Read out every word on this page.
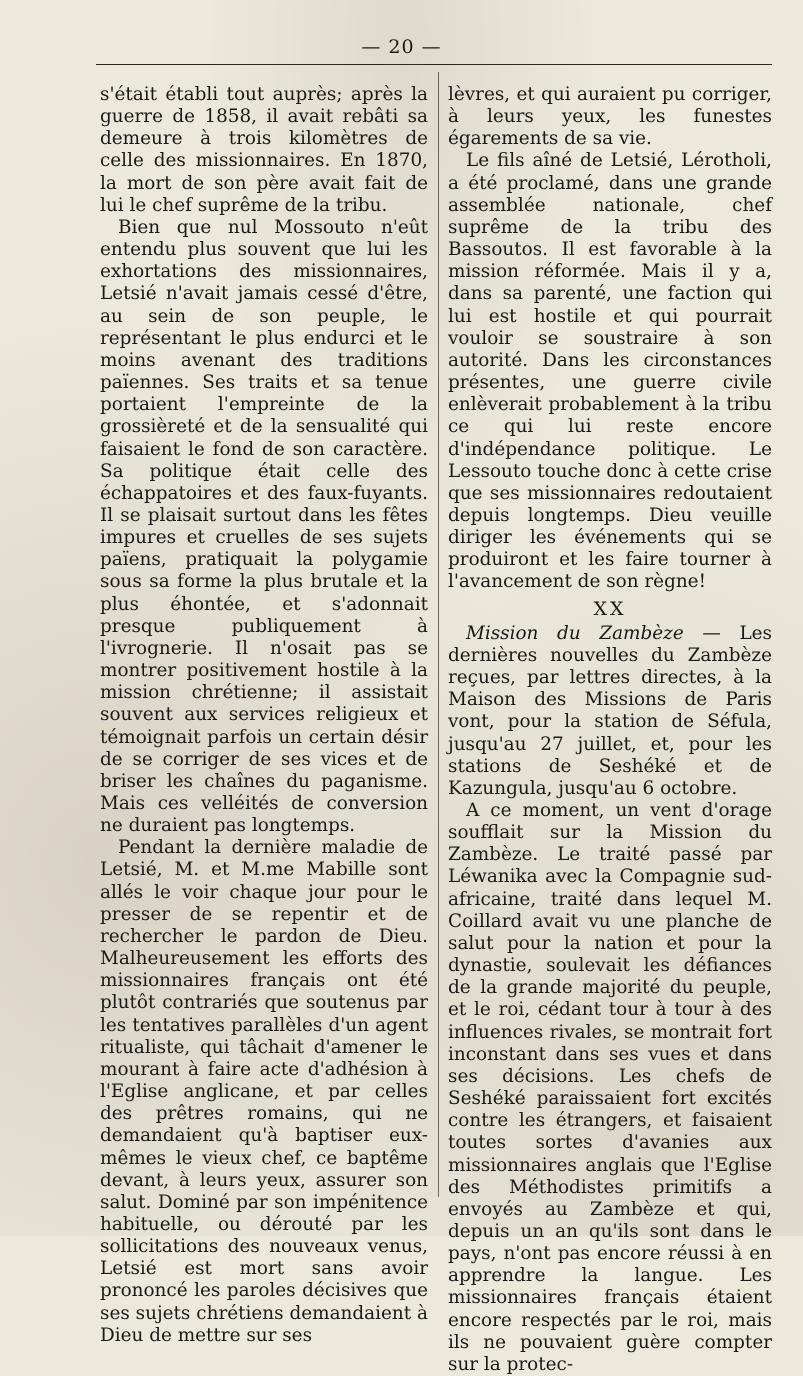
— 20 —

s'était établi tout auprès; après la guerre de 1858, il avait rebâti sa demeure à trois kilomètres de celle des missionnaires. En 1870, la mort de son père avait fait de lui le chef suprême de la tribu.

Bien que nul Mossouto n'eût entendu plus souvent que lui les exhortations des missionnaires, Letsié n'avait jamais cessé d'être, au sein de son peuple, le représentant le plus endurci et le moins avenant des traditions païennes. Ses traits et sa tenue portaient l'empreinte de la grossièreté et de la sensualité qui faisaient le fond de son caractère. Sa politique était celle des échappatoires et des faux-fuyants. Il se plaisait surtout dans les fêtes impures et cruelles de ses sujets païens, pratiquait la polygamie sous sa forme la plus brutale et la plus éhontée, et s'adonnait presque publiquement à l'ivrognerie. Il n'osait pas se montrer positivement hostile à la mission chrétienne; il assistait souvent aux services religieux et témoignait parfois un certain désir de se corriger de ses vices et de briser les chaînes du paganisme. Mais ces velléités de conversion ne duraient pas longtemps.

Pendant la dernière maladie de Letsié, M. et M.me Mabille sont allés le voir chaque jour pour le presser de se repentir et de rechercher le pardon de Dieu. Malheureusement les efforts des missionnaires français ont été plutôt contrariés que soutenus par les tentatives parallèles d'un agent ritualiste, qui tâchait d'amener le mourant à faire acte d'adhésion à l'Eglise anglicane, et par celles des prêtres romains, qui ne demandaient qu'à baptiser eux-mêmes le vieux chef, ce baptême devant, à leurs yeux, assurer son salut. Dominé par son impénitence habituelle, ou dérouté par les sollicitations des nouveaux venus, Letsié est mort sans avoir prononcé les paroles décisives que ses sujets chrétiens demandaient à Dieu de mettre sur ses

lèvres, et qui auraient pu corriger, à leurs yeux, les funestes égarements de sa vie.

Le fils aîné de Letsié, Lérotholi, a été proclamé, dans une grande assemblée nationale, chef suprême de la tribu des Bassoutos. Il est favorable à la mission réformée. Mais il y a, dans sa parenté, une faction qui lui est hostile et qui pourrait vouloir se soustraire à son autorité. Dans les circonstances présentes, une guerre civile enlèverait probablement à la tribu ce qui lui reste encore d'indépendance politique. Le Lessouto touche donc à cette crise que ses missionnaires redoutaient depuis longtemps. Dieu veuille diriger les événements qui se produiront et les faire tourner à l'avancement de son règne!

XX

Mission du Zambèze — Les dernières nouvelles du Zambèze reçues, par lettres directes, à la Maison des Missions de Paris vont, pour la station de Séfula, jusqu'au 27 juillet, et, pour les stations de Seshéké et de Kazungula, jusqu'au 6 octobre.

A ce moment, un vent d'orage soufflait sur la Mission du Zambèze. Le traité passé par Léwanika avec la Compagnie sud-africaine, traité dans lequel M. Coillard avait vu une planche de salut pour la nation et pour la dynastie, soulevait les défiances de la grande majorité du peuple, et le roi, cédant tour à tour à des influences rivales, se montrait fort inconstant dans ses vues et dans ses décisions. Les chefs de Seshéké paraissaient fort excités contre les étrangers, et faisaient toutes sortes d'avanies aux missionnaires anglais que l'Eglise des Méthodistes primitifs a envoyés au Zambèze et qui, depuis un an qu'ils sont dans le pays, n'ont pas encore réussi à en apprendre la langue. Les missionnaires français étaient encore respectés par le roi, mais ils ne pouvaient guère compter sur la protec-
